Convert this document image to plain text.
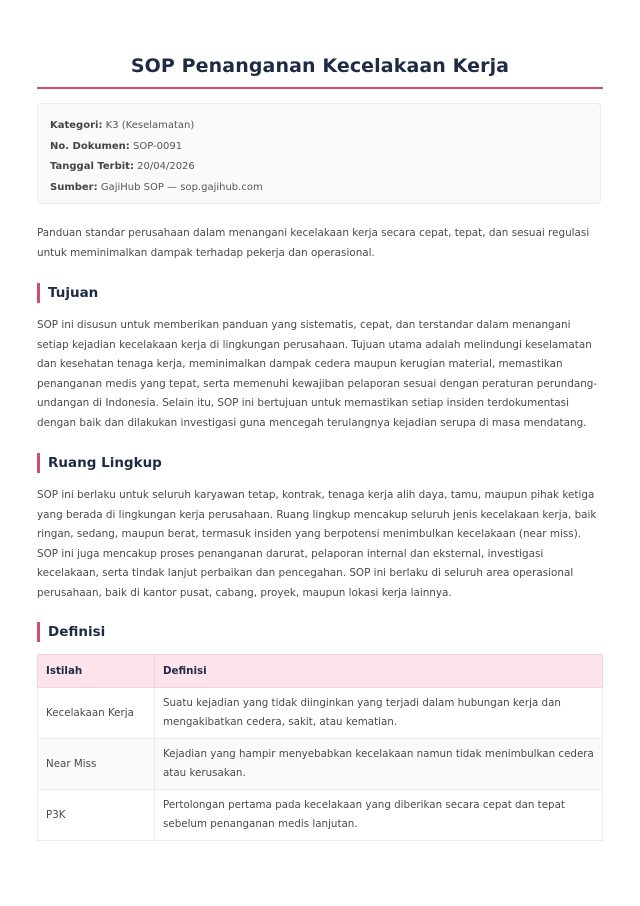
SOP Penanganan Kecelakaan Kerja
Kategori: K3 (Keselamatan)
No. Dokumen: SOP-0091
Tanggal Terbit: 20/04/2026
Sumber: GajiHub SOP — sop.gajihub.com

Panduan standar perusahaan dalam menangani kecelakaan kerja secara cepat, tepat, dan sesuai regulasi untuk meminimalkan dampak terhadap pekerja dan operasional.

Tujuan

SOP ini disusun untuk memberikan panduan yang sistematis, cepat, dan terstandar dalam menangani setiap kejadian kecelakaan kerja di lingkungan perusahaan. Tujuan utama adalah melindungi keselamatan dan kesehatan tenaga kerja, meminimalkan dampak cedera maupun kerugian material, memastikan penanganan medis yang tepat, serta memenuhi kewajiban pelaporan sesuai dengan peraturan perundang-undangan di Indonesia. Selain itu, SOP ini bertujuan untuk memastikan setiap insiden terdokumentasi dengan baik dan dilakukan investigasi guna mencegah terulangnya kejadian serupa di masa mendatang.

Ruang Lingkup

SOP ini berlaku untuk seluruh karyawan tetap, kontrak, tenaga kerja alih daya, tamu, maupun pihak ketiga yang berada di lingkungan kerja perusahaan. Ruang lingkup mencakup seluruh jenis kecelakaan kerja, baik ringan, sedang, maupun berat, termasuk insiden yang berpotensi menimbulkan kecelakaan (near miss). SOP ini juga mencakup proses penanganan darurat, pelaporan internal dan eksternal, investigasi kecelakaan, serta tindak lanjut perbaikan dan pencegahan. SOP ini berlaku di seluruh area operasional perusahaan, baik di kantor pusat, cabang, proyek, maupun lokasi kerja lainnya.

Definisi
Istilah	Definisi
Kecelakaan Kerja	Suatu kejadian yang tidak diinginkan yang terjadi dalam hubungan kerja dan mengakibatkan cedera, sakit, atau kematian.
Near Miss	Kejadian yang hampir menyebabkan kecelakaan namun tidak menimbulkan cedera atau kerusakan.
P3K	Pertolongan pertama pada kecelakaan yang diberikan secara cepat dan tepat sebelum penanganan medis lanjutan.
